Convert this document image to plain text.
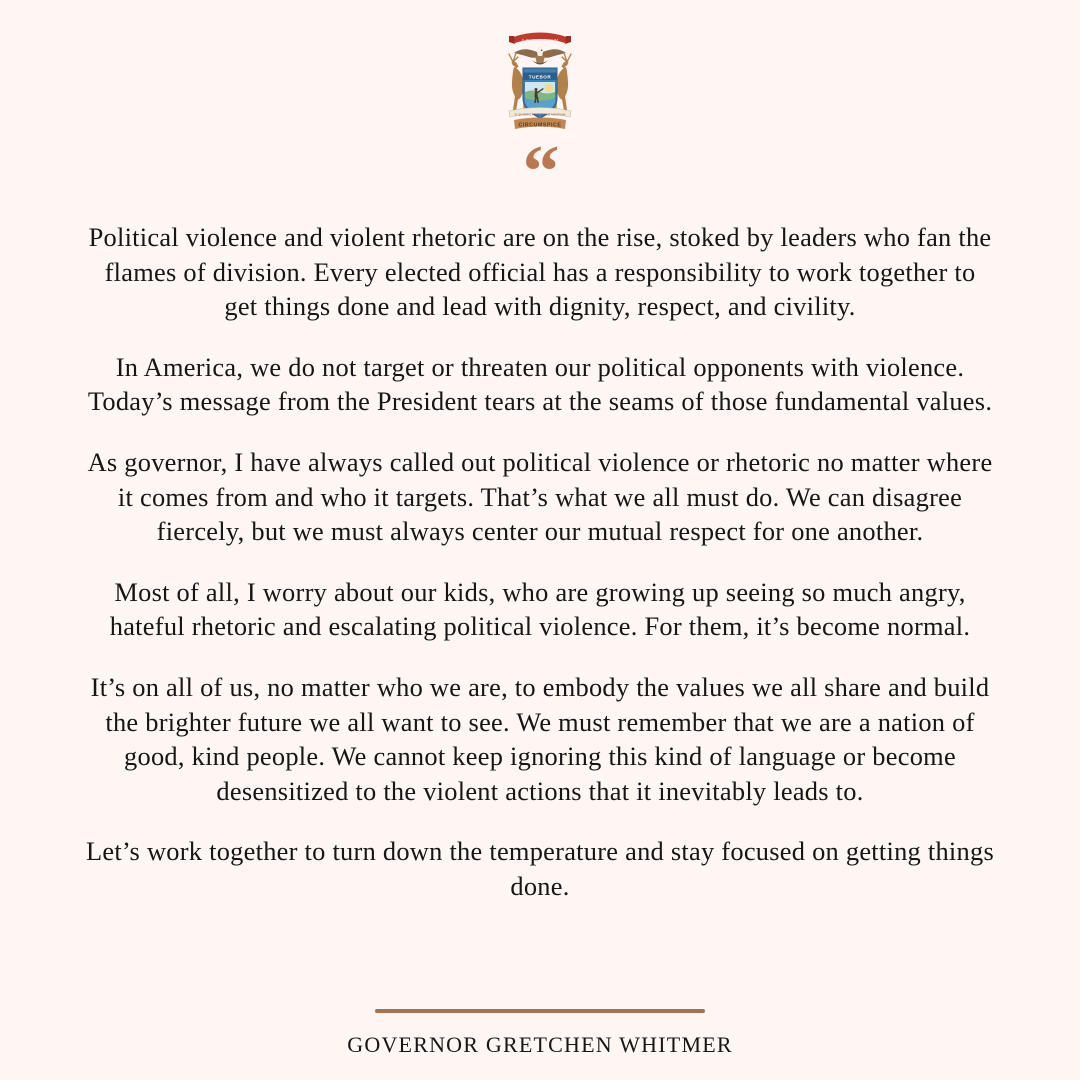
E PLURIBUS UNUM
TUEBOR
SI QUAERIS PENINSULAM AMOENAM
CIRCUMSPICE
“

Political violence and violent rhetoric are on the rise, stoked by leaders who fan the flames of division. Every elected official has a responsibility to work together to get things done and lead with dignity, respect, and civility.

In America, we do not target or threaten our political opponents with violence. Today’s message from the President tears at the seams of those fundamental values.

As governor, I have always called out political violence or rhetoric no matter where it comes from and who it targets. That’s what we all must do. We can disagree fiercely, but we must always center our mutual respect for one another.

Most of all, I worry about our kids, who are growing up seeing so much angry, hateful rhetoric and escalating political violence. For them, it’s become normal.

It’s on all of us, no matter who we are, to embody the values we all share and build the brighter future we all want to see. We must remember that we are a nation of good, kind people. We cannot keep ignoring this kind of language or become desensitized to the violent actions that it inevitably leads to.

Let’s work together to turn down the temperature and stay focused on getting things done.

GOVERNOR GRETCHEN WHITMER
